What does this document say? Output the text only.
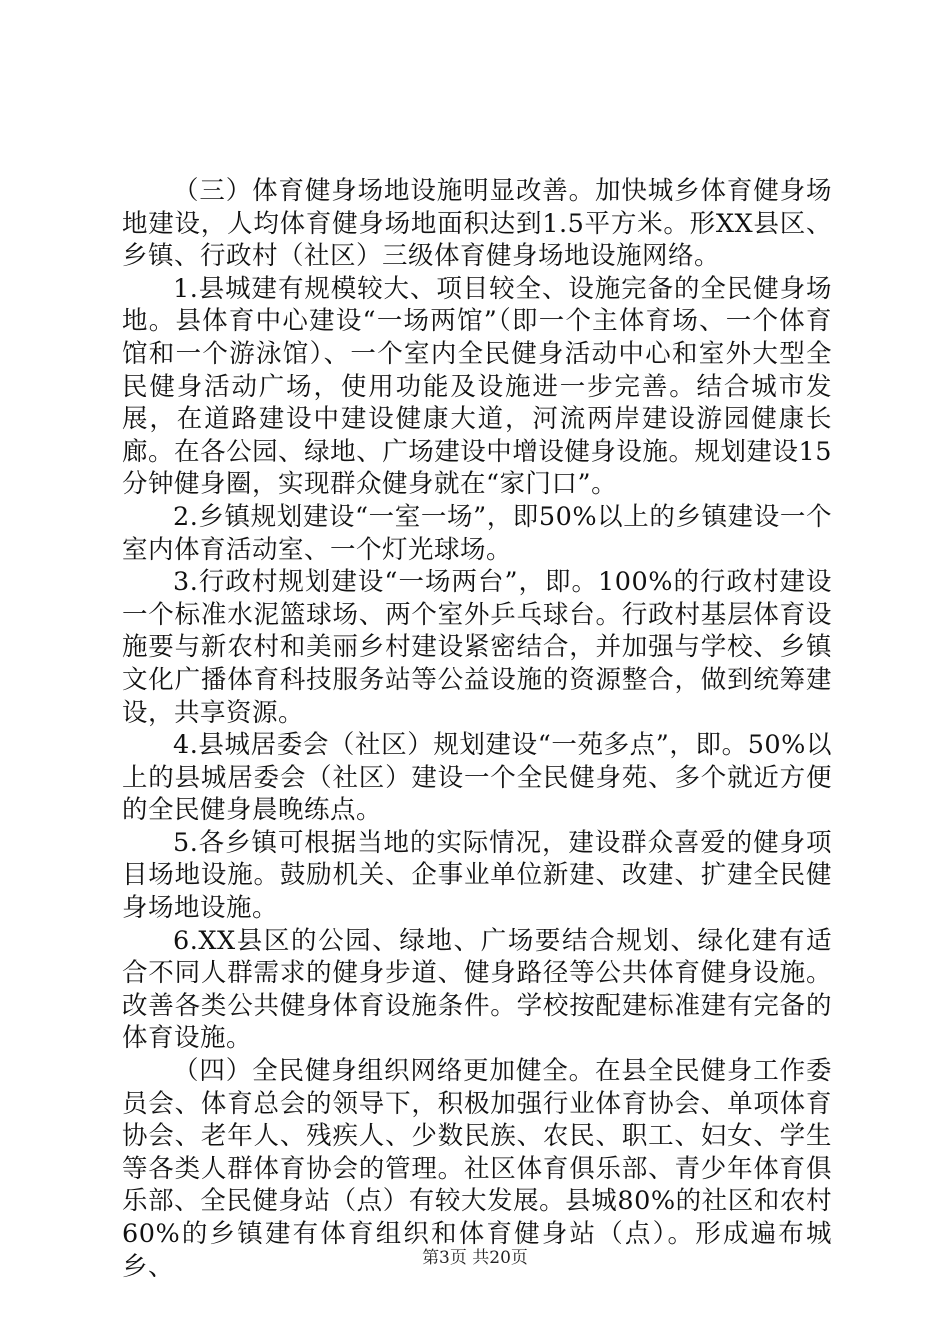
（三）体育健身场地设施明显改善。加快城乡体育健身场地建设，人均体育健身场地面积达到1.5平方米。形XX县区、乡镇、行政村（社区）三级体育健身场地设施网络。

1.县城建有规模较大、项目较全、设施完备的全民健身场地。县体育中心建设“一场两馆”（即一个主体育场、一个体育馆和一个游泳馆）、一个室内全民健身活动中心和室外大型全民健身活动广场，使用功能及设施进一步完善。结合城市发展，在道路建设中建设健康大道，河流两岸建设游园健康长廊。在各公园、绿地、广场建设中增设健身设施。规划建设15分钟健身圈，实现群众健身就在“家门口”。

2.乡镇规划建设“一室一场”，即50%以上的乡镇建设一个室内体育活动室、一个灯光球场。

3.行政村规划建设“一场两台”，即。100%的行政村建设一个标准水泥篮球场、两个室外乒乓球台。行政村基层体育设施要与新农村和美丽乡村建设紧密结合，并加强与学校、乡镇文化广播体育科技服务站等公益设施的资源整合，做到统筹建设，共享资源。

4.县城居委会（社区）规划建设“一苑多点”，即。50%以上的县城居委会（社区）建设一个全民健身苑、多个就近方便的全民健身晨晚练点。

5.各乡镇可根据当地的实际情况，建设群众喜爱的健身项目场地设施。鼓励机关、企事业单位新建、改建、扩建全民健身场地设施。

6.XX县区的公园、绿地、广场要结合规划、绿化建有适合不同人群需求的健身步道、健身路径等公共体育健身设施。改善各类公共健身体育设施条件。学校按配建标准建有完备的体育设施。

（四）全民健身组织网络更加健全。在县全民健身工作委员会、体育总会的领导下，积极加强行业体育协会、单项体育协会、老年人、残疾人、少数民族、农民、职工、妇女、学生等各类人群体育协会的管理。社区体育俱乐部、青少年体育俱乐部、全民健身站（点）有较大发展。县城80%的社区和农村60%的乡镇建有体育组织和体育健身站（点）。形成遍布城乡、	第3页 共20页
